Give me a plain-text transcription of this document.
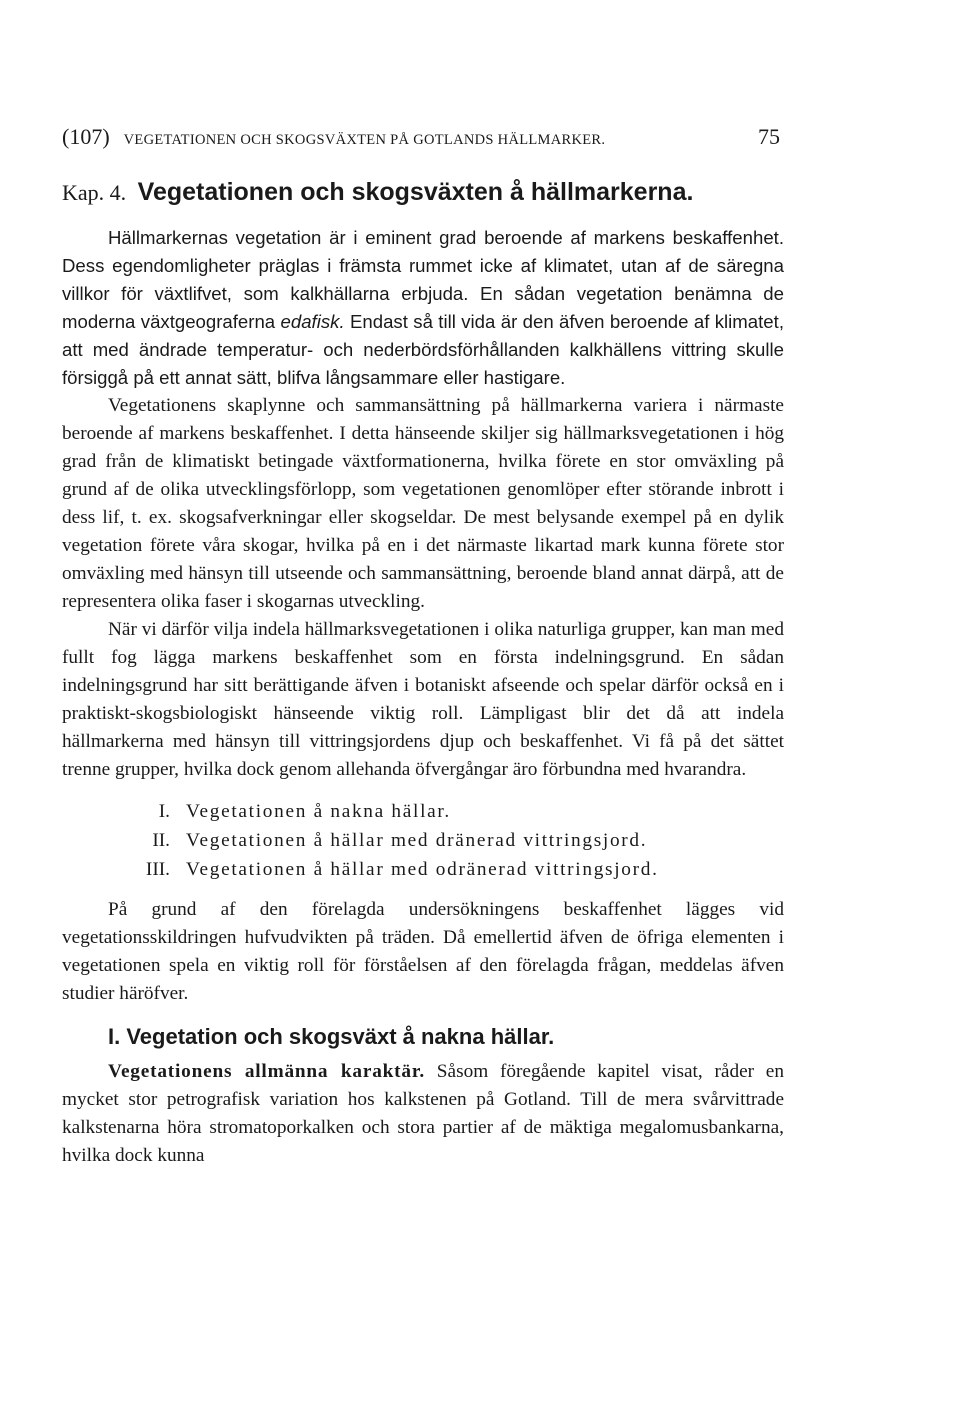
(107) VEGETATIONEN OCH SKOGSVÄXTEN PÅ GOTLANDS HÄLLMARKER.	75
Kap. 4. Vegetationen och skogsväxten å hällmarkerna.

Hällmarkernas vegetation är i eminent grad beroende af markens beskaffenhet. Dess egendomligheter präglas i främsta rummet icke af klimatet, utan af de säregna villkor för växtlifvet, som kalkhällarna erbjuda. En sådan vegetation benämna de moderna växtgeograferna edafisk. Endast så till vida är den äfven beroende af klimatet, att med ändrade temperatur- och nederbördsförhållanden kalkhällens vittring skulle försiggå på ett annat sätt, blifva långsammare eller hastigare.

Vegetationens skaplynne och sammansättning på hällmarkerna variera i närmaste beroende af markens beskaffenhet. I detta hänseende skiljer sig hällmarksvegetationen i hög grad från de klimatiskt betingade växtformationerna, hvilka förete en stor omväxling på grund af de olika utvecklingsförlopp, som vegetationen genomlöper efter störande inbrott i dess lif, t. ex. skogsafverkningar eller skogseldar. De mest belysande exempel på en dylik vegetation förete våra skogar, hvilka på en i det närmaste likartad mark kunna förete stor omväxling med hänsyn till utseende och sammansättning, beroende bland annat därpå, att de representera olika faser i skogarnas utveckling.

När vi därför vilja indela hällmarksvegetationen i olika naturliga grupper, kan man med fullt fog lägga markens beskaffenhet som en första indelningsgrund. En sådan indelningsgrund har sitt berättigande äfven i botaniskt afseende och spelar därför också en i praktiskt-skogsbiologiskt hänseende viktig roll. Lämpligast blir det då att indela hällmarkerna med hänsyn till vittringsjordens djup och beskaffenhet. Vi få på det sättet trenne grupper, hvilka dock genom allehanda öfvergångar äro förbundna med hvarandra.

I. Vegetationen å nakna hällar.
II. Vegetationen å hällar med dränerad vittringsjord.
III. Vegetationen å hällar med odränerad vittringsjord.

På grund af den förelagda undersökningens beskaffenhet lägges vid vegetationsskildringen hufvudvikten på träden. Då emellertid äfven de öfriga elementen i vegetationen spela en viktig roll för förståelsen af den förelagda frågan, meddelas äfven studier häröfver.

I. Vegetation och skogsväxt å nakna hällar.

Vegetationens allmänna karaktär. Såsom föregående kapitel visat, råder en mycket stor petrografisk variation hos kalkstenen på Gotland. Till de mera svårvittrade kalkstenarna höra stromatoporkalken och stora partier af de mäktiga megalomusbankarna, hvilka dock kunna
